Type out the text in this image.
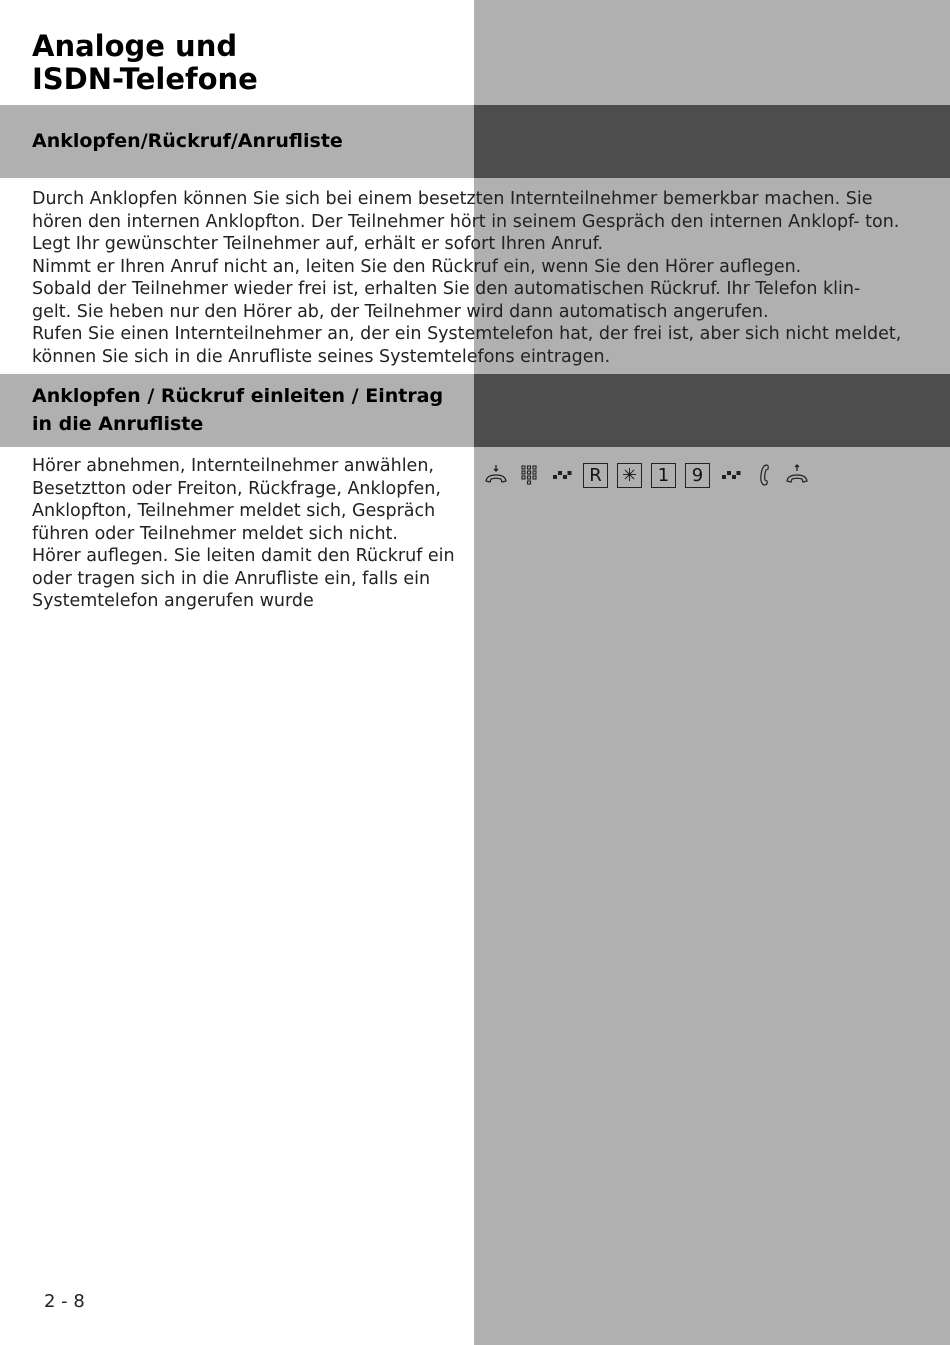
Analoge und
ISDN-Telefone
Anklopfen/Rückruf/Anrufliste

Durch Anklopfen können Sie sich bei einem besetzten Internteilnehmer bemerkbar machen. Sie hören den internen Anklopfton. Der Teilnehmer hört in seinem Gespräch den internen Anklopf- ton. Legt Ihr gewünschter Teilnehmer auf, erhält er sofort Ihren Anruf.

Nimmt er Ihren Anruf nicht an, leiten Sie den Rückruf ein, wenn Sie den Hörer auflegen.

Sobald der Teilnehmer wieder frei ist, erhalten Sie den automatischen Rückruf. Ihr Telefon klin- gelt. Sie heben nur den Hörer ab, der Teilnehmer wird dann automatisch angerufen.

Rufen Sie einen Internteilnehmer an, der ein Systemtelefon hat, der frei ist, aber sich nicht meldet, können Sie sich in die Anrufliste seines Systemtelefons eintragen.

Anklopfen / Rückruf einleiten / Eintrag
in die Anrufliste

Hörer abnehmen, Internteilnehmer anwählen,

Besetztton oder Freiton, Rückfrage, Anklopfen,

Anklopfton, Teilnehmer meldet sich, Gespräch

führen oder Teilnehmer meldet sich nicht.

Hörer auflegen. Sie leiten damit den Rückruf ein

oder tragen sich in die Anrufliste ein, falls ein

Systemtelefon angerufen wurde

R	✳	1	9
2 - 8
